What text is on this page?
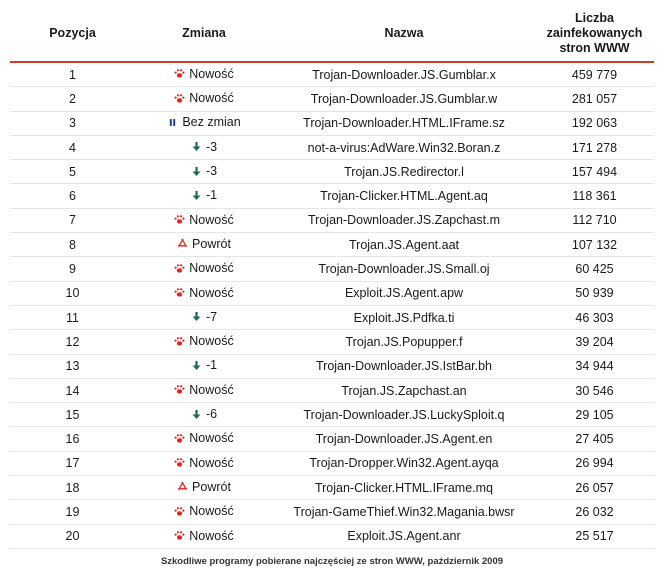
Pozycja	Zmiana	Nazwa	Liczba
zainfekowanych
stron WWW
1	Nowość	Trojan-Downloader.JS.Gumblar.x	459 779
2	Nowość	Trojan-Downloader.JS.Gumblar.w	281 057
3	Bez zmian	Trojan-Downloader.HTML.IFrame.sz	192 063
4	-3	not-a-virus:AdWare.Win32.Boran.z	171 278
5	-3	Trojan.JS.Redirector.l	157 494
6	-1	Trojan-Clicker.HTML.Agent.aq	118 361
7	Nowość	Trojan-Downloader.JS.Zapchast.m	112 710
8	Powrót	Trojan.JS.Agent.aat	107 132
9	Nowość	Trojan-Downloader.JS.Small.oj	60 425
10	Nowość	Exploit.JS.Agent.apw	50 939
11	-7	Exploit.JS.Pdfka.ti	46 303
12	Nowość	Trojan.JS.Popupper.f	39 204
13	-1	Trojan-Downloader.JS.IstBar.bh	34 944
14	Nowość	Trojan.JS.Zapchast.an	30 546
15	-6	Trojan-Downloader.JS.LuckySploit.q	29 105
16	Nowość	Trojan-Downloader.JS.Agent.en	27 405
17	Nowość	Trojan-Dropper.Win32.Agent.ayqa	26 994
18	Powrót	Trojan-Clicker.HTML.IFrame.mq	26 057
19	Nowość	Trojan-GameThief.Win32.Magania.bwsr	26 032
20	Nowość	Exploit.JS.Agent.anr	25 517
Szkodliwe programy pobierane najczęściej ze stron WWW, październik 2009
